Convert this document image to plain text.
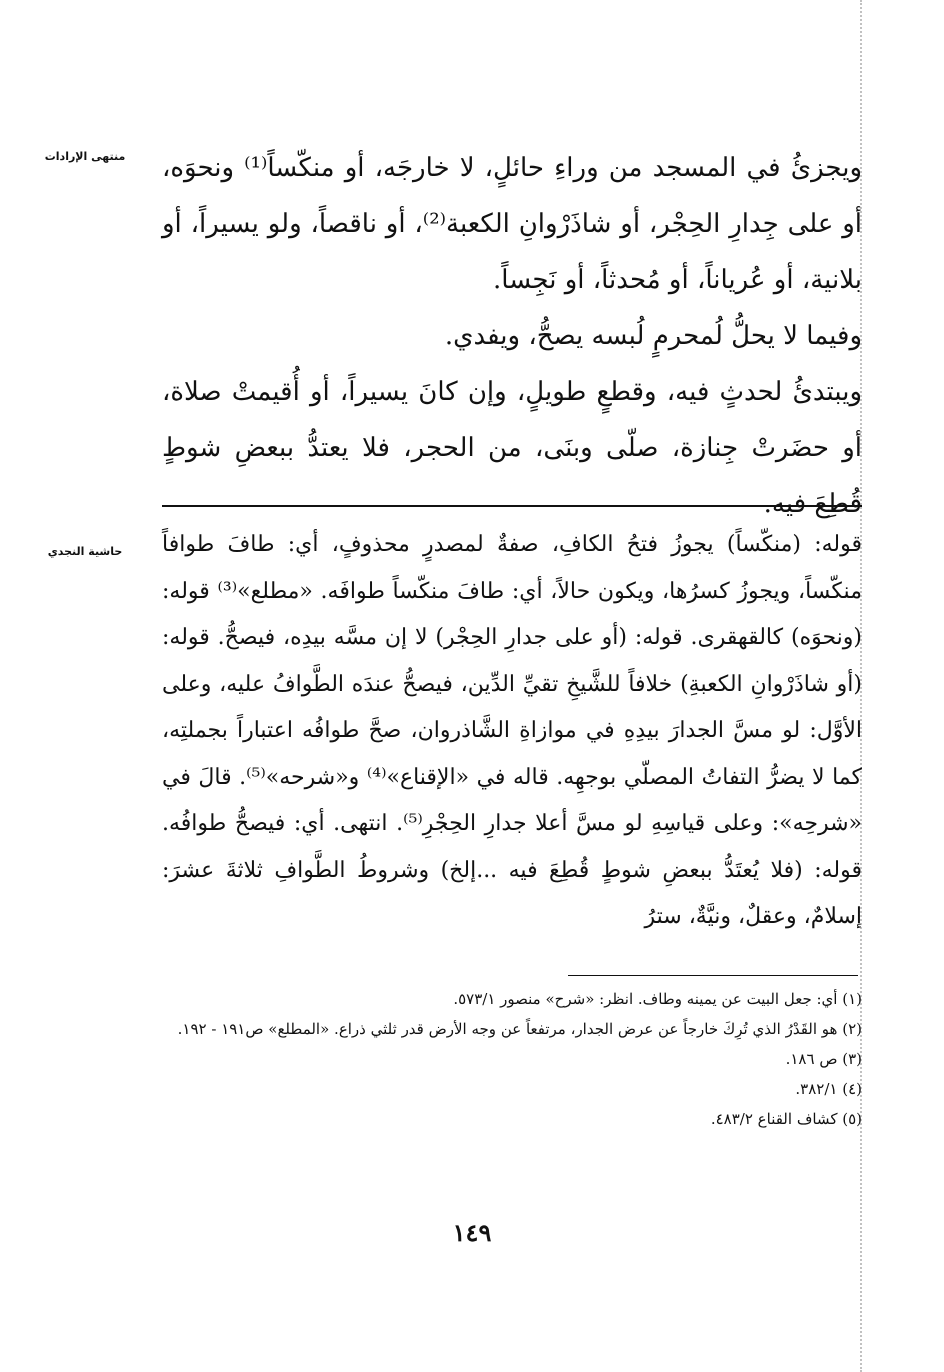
منتهى الإرادات
حاشية النجدي

ويجزئُ في المسجد من وراءِ حائلٍ، لا خارجَه، أو منكّساً⁽¹⁾ ونحوَه، أو على جِدارِ الحِجْر، أو شاذَرْوانِ الكعبة⁽²⁾، أو ناقصاً، ولو يسيراً، أو بلانية، أو عُرياناً، أو مُحدثاً، أو نَجِساً.

وفيما لا يحلُّ لُمحرمٍ لُبسه يصحُّ، ويفدي.

ويبتدئُ لحدثٍ فيه، وقطعٍ طويلٍ، وإن كانَ يسيراً، أو أُقيمتْ صلاة، أو حضَرتْ جِنازة، صلّى وبنَى، من الحجر، فلا يعتدُّ ببعضِ شوطٍ قُطِعَ فيه.

قوله: (منكّساً) يجوزُ فتحُ الكافِ، صفةٌ لمصدرٍ محذوفٍ، أي: طافَ طوافاً منكّساً، ويجوزُ كسرُها، ويكون حالاً، أي: طافَ منكّساً طوافَه. «مطلع»⁽³⁾ قوله: (ونحوَه) كالقهقرى. قوله: (أو على جدارِ الحِجْر) لا إن مسَّه بيدِه، فيصحُّ. قوله: (أو شاذَرْوانِ الكعبةِ) خلافاً للشَّيخِ تقيِّ الدِّين، فيصحُّ عندَه الطَّوافُ عليه، وعلى الأوَّل: لو مسَّ الجدارَ بيدِهِ في موازاةِ الشَّاذروان، صحَّ طوافُه اعتباراً بجملتِه، كما لا يضرُّ التفاتُ المصلّي بوجهِه. قاله في «الإقناع»⁽⁴⁾ و«شرحه»⁽⁵⁾. قالَ في «شرحِه»: وعلى قياسِهِ لو مسَّ أعلا جدارِ الحِجْرِ⁽⁵⁾. انتهى. أي: فيصحُّ طوافُه. قوله: (فلا يُعتَدُّ ببعضِ شوطٍ قُطِعَ فيه ...إلخ) وشروطُ الطَّوافِ ثلاثةَ عشرَ: إسلامٌ، وعقلٌ، ونيَّةٌ، سترُ

(١) أي: جعل البيت عن يمينه وطاف. انظر: «شرح» منصور ٥٧٣/١.
(٢) هو القَدْرُ الذي تُرِكَ خارجاً عن عرض الجدار، مرتفعاً عن وجه الأرض قدر ثلثي ذراع. «المطلع» ص١٩١ - ١٩٢.
(٣) ص ١٨٦.
(٤) ٣٨٢/١.
(٥) كشاف القناع ٤٨٣/٢.
١٤٩
